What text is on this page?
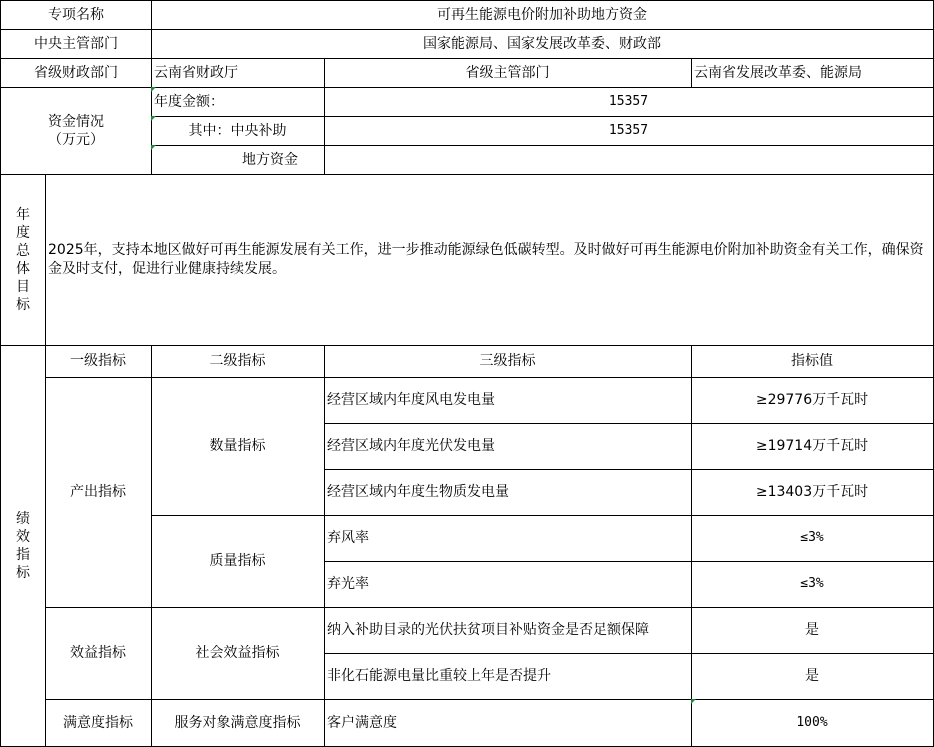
专项名称	可再生能源电价附加补助地方资金
中央主管部门	国家能源局、国家发展改革委、财政部
省级财政部门	云南省财政厅	省级主管部门	云南省发展改革委、能源局
资金情况
（万元）
年度金额：	15357
其中：中央补助	15357
地方资金
年
度
总
体
目
标
2025年，支持本地区做好可再生能源发展有关工作，进一步推动能源绿色低碳转型。及时做好可再生能源电价附加补助资金有关工作，确保资金及时支付，促进行业健康持续发展。
绩
效
指
标
一级指标	二级指标	三级指标	指标值
产出指标
数量指标
经营区域内年度风电发电量	≥29776万千瓦时
经营区域内年度光伏发电量	≥19714万千瓦时
经营区域内年度生物质发电量	≥13403万千瓦时
质量指标
弃风率	≤3%
弃光率	≤3%
效益指标	社会效益指标
纳入补助目录的光伏扶贫项目补贴资金是否足额保障	是
非化石能源电量比重较上年是否提升	是
满意度指标	服务对象满意度指标	客户满意度	100%
